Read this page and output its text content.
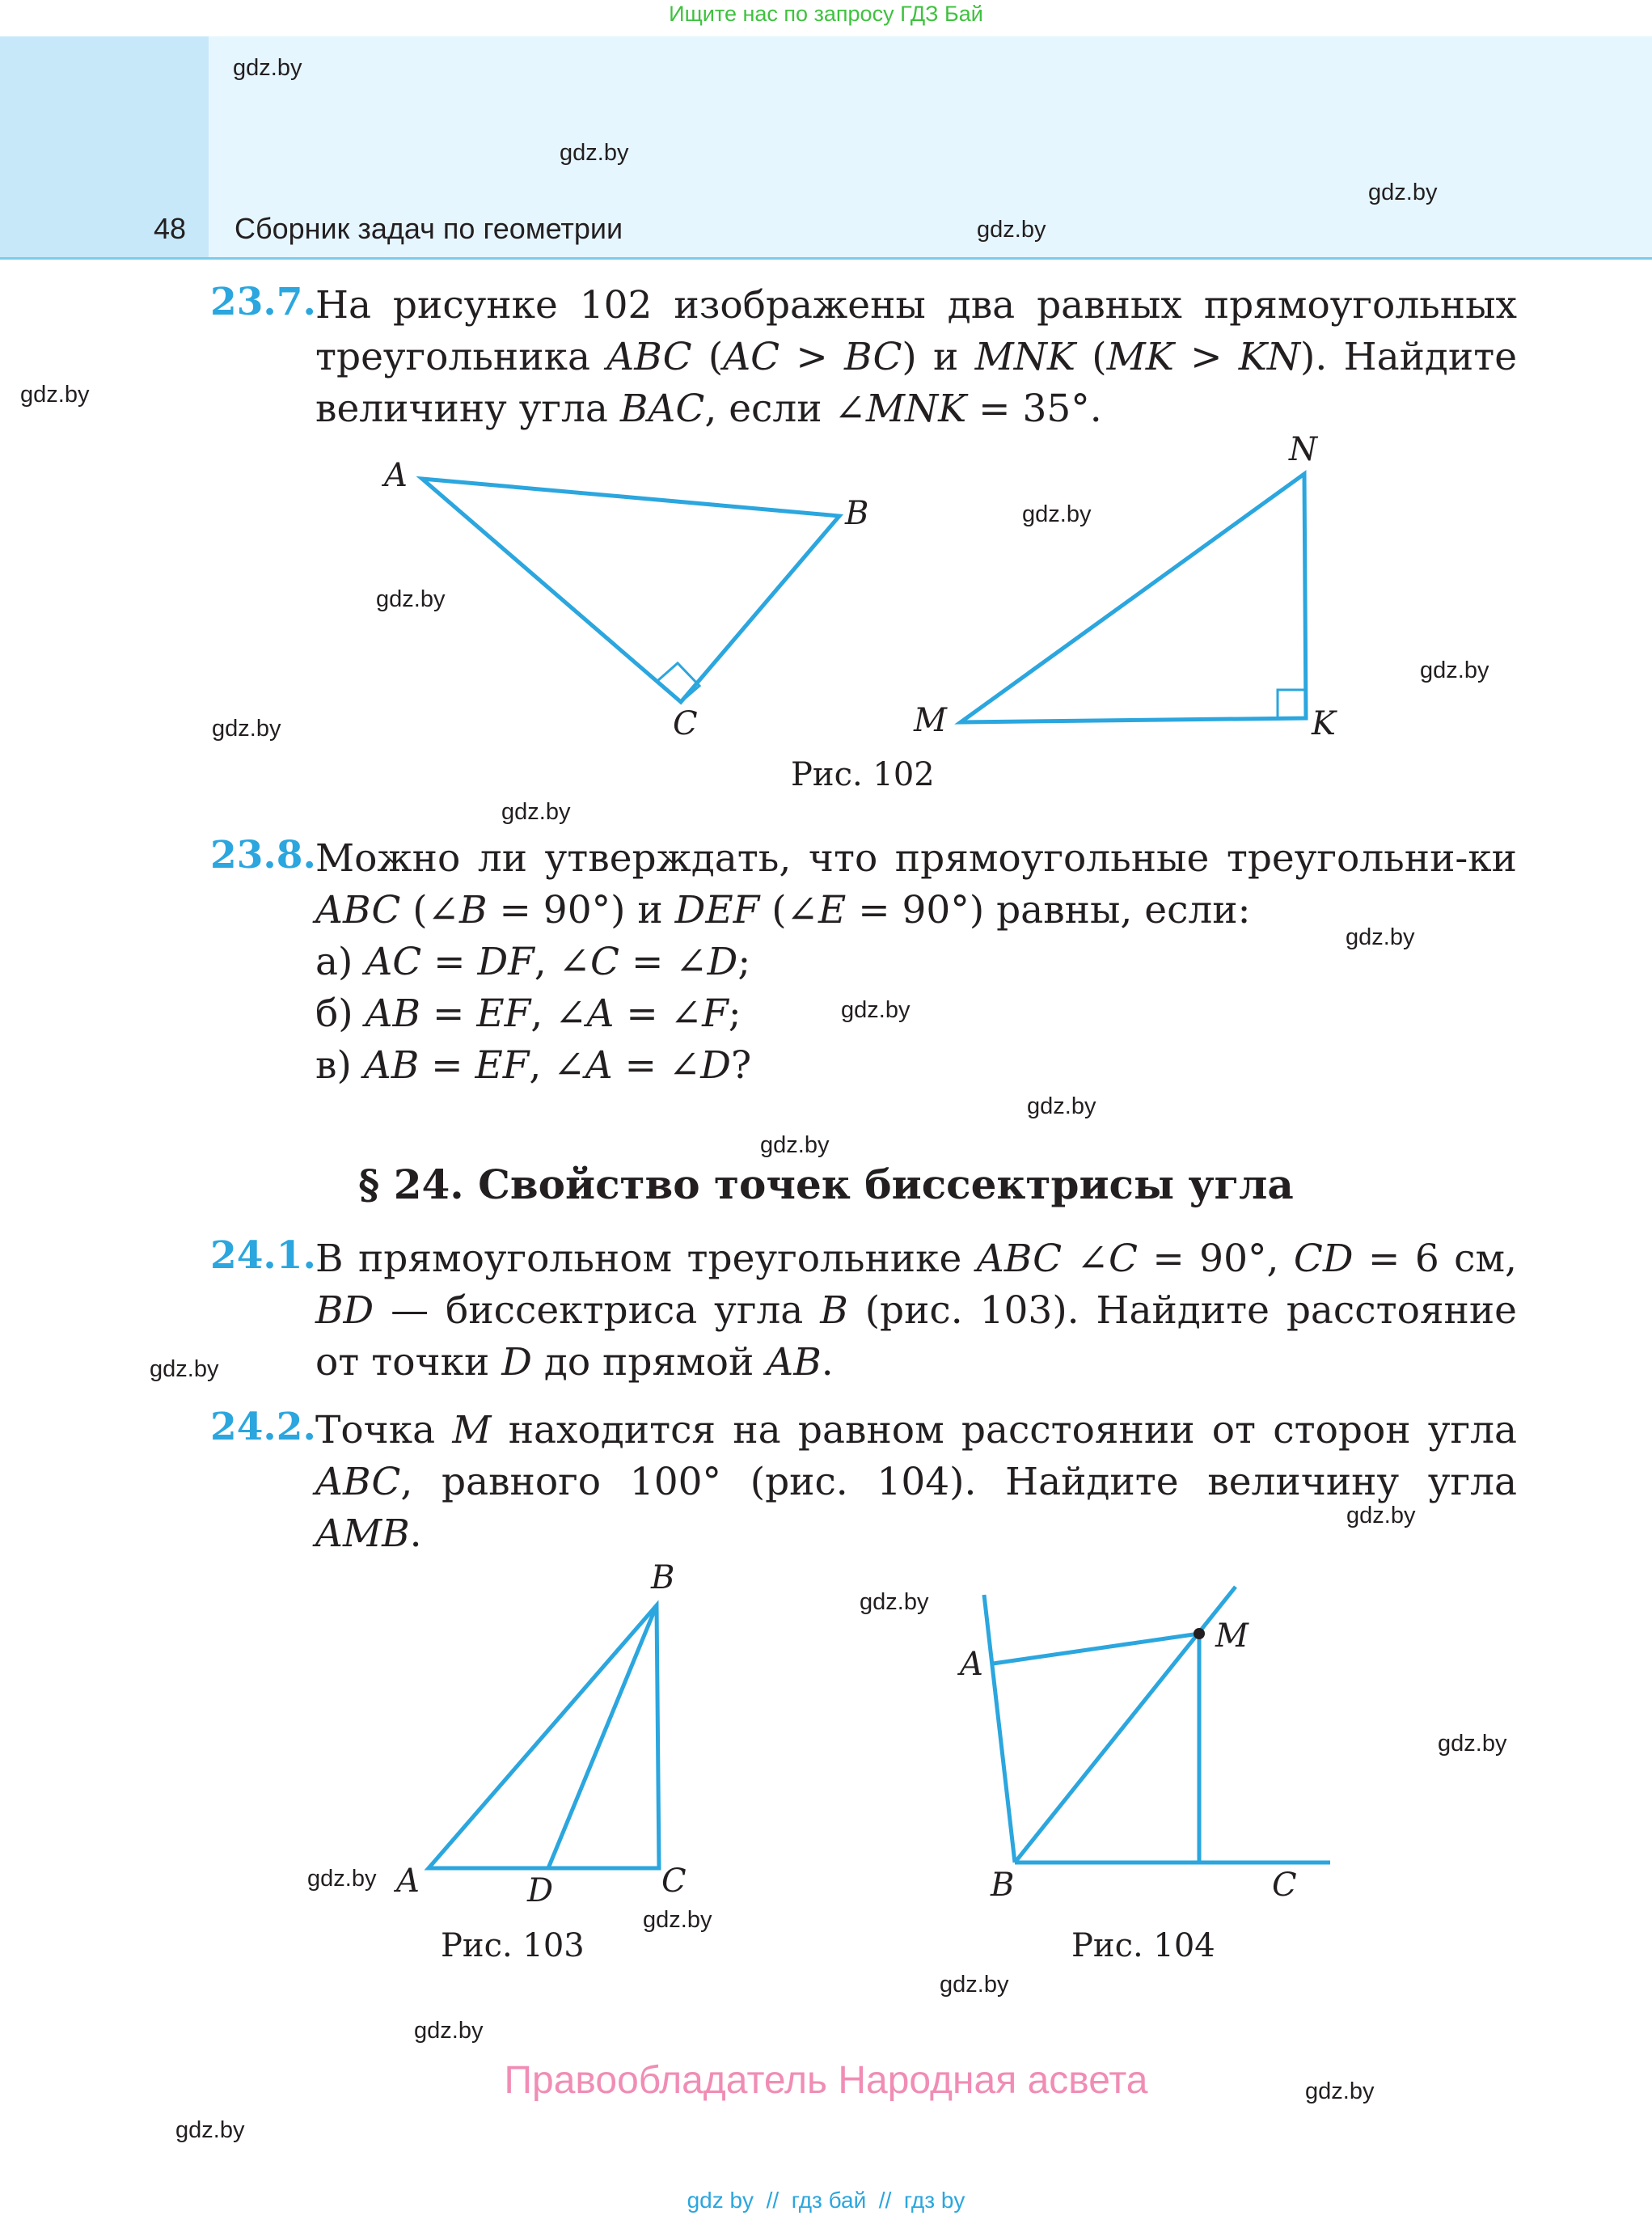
Ищите нас по запросу ГДЗ Бай
48 Сборник задач по геометрии
gdz.by
gdz.by
gdz.by
gdz.by
gdz.by
gdz.by
gdz.by
gdz.by
gdz.by
gdz.by
gdz.by
gdz.by
gdz.by
gdz.by
gdz.by
gdz.by
gdz.by
gdz.by
gdz.by
gdz.by
gdz.by
gdz.by
gdz.by
gdz.by
23.7. На рисунке 102 изображены два равных прямоугольных треугольника ABC (AC > BC) и MNK (MK > KN). Найдите величину угла BAC, если ∠MNK = 35°.
A
B
C
N
M	K
Рис. 102
23.8. Можно ли утверждать, что прямоугольные треугольни-ки ABC (∠B = 90°) и DEF (∠E = 90°) равны, если:
а) AC = DF, ∠C = ∠D;
б) AB = EF, ∠A = ∠F;
в) AB = EF, ∠A = ∠D?
§ 24. Свойство точек биссектрисы угла
24.1. В прямоугольном треугольнике ABC ∠C = 90°, CD = 6 см, BD — биссектриса угла B (рис. 103). Найдите расстояние от точки D до прямой AB.
24.2. Точка M находится на равном расстоянии от сторон угла ABC, равного 100° (рис. 104). Найдите величину угла AMB.
B
A	D	C
Рис. 103
A
M
B	C
Рис. 104
Правообладатель Народная асвета
gdz by  //  гдз бай  //  гдз by
